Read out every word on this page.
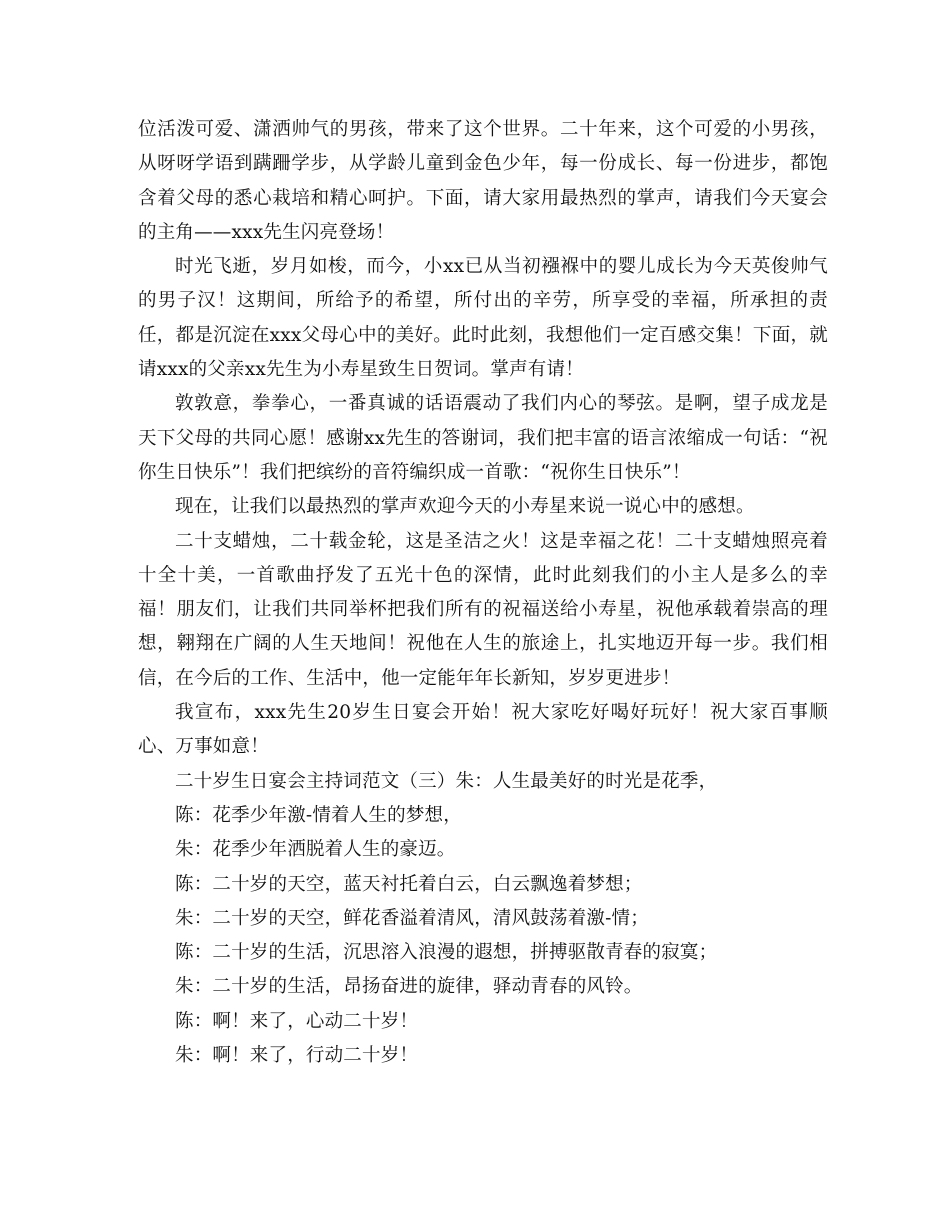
位活泼可爱、潇洒帅气的男孩，带来了这个世界。二十年来，这个可爱的小男孩，从呀呀学语到蹒跚学步，从学龄儿童到金色少年，每一份成长、每一份进步，都饱含着父母的悉心栽培和精心呵护。下面，请大家用最热烈的掌声，请我们今天宴会的主角——xxx先生闪亮登场！

时光飞逝，岁月如梭，而今，小xx已从当初襁褓中的婴儿成长为今天英俊帅气的男子汉！这期间，所给予的希望，所付出的辛劳，所享受的幸福，所承担的责任，都是沉淀在xxx父母心中的美好。此时此刻，我想他们一定百感交集！下面，就请xxx的父亲xx先生为小寿星致生日贺词。掌声有请！

敦敦意，拳拳心，一番真诚的话语震动了我们内心的琴弦。是啊，望子成龙是天下父母的共同心愿！感谢xx先生的答谢词，我们把丰富的语言浓缩成一句话：“祝你生日快乐”！我们把缤纷的音符编织成一首歌：“祝你生日快乐”！

现在，让我们以最热烈的掌声欢迎今天的小寿星来说一说心中的感想。

二十支蜡烛，二十载金轮，这是圣洁之火！这是幸福之花！二十支蜡烛照亮着十全十美，一首歌曲抒发了五光十色的深情，此时此刻我们的小主人是多么的幸福！朋友们，让我们共同举杯把我们所有的祝福送给小寿星，祝他承载着崇高的理想，翱翔在广阔的人生天地间！祝他在人生的旅途上，扎实地迈开每一步。我们相信，在今后的工作、生活中，他一定能年年长新知，岁岁更进步！

我宣布，xxx先生20岁生日宴会开始！祝大家吃好喝好玩好！祝大家百事顺心、万事如意！

二十岁生日宴会主持词范文（三）朱：人生最美好的时光是花季，

陈：花季少年激-情着人生的梦想，

朱：花季少年洒脱着人生的豪迈。

陈：二十岁的天空，蓝天衬托着白云，白云飘逸着梦想；

朱：二十岁的天空，鲜花香溢着清风，清风鼓荡着激-情；

陈：二十岁的生活，沉思溶入浪漫的遐想，拼搏驱散青春的寂寞；

朱：二十岁的生活，昂扬奋进的旋律，驿动青春的风铃。

陈：啊！来了，心动二十岁！

朱：啊！来了，行动二十岁！
